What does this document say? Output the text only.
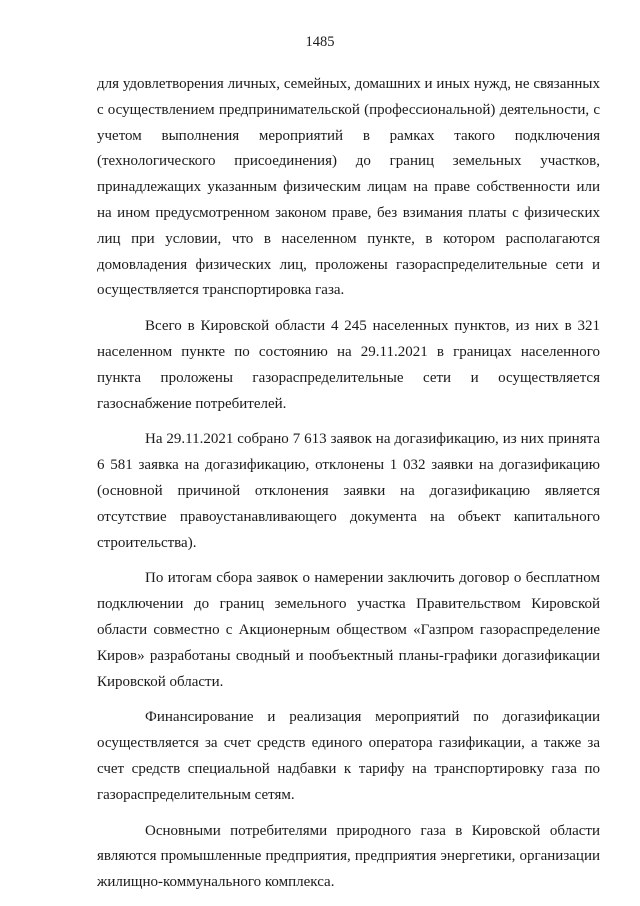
1485

для удовлетворения личных, семейных, домашних и иных нужд, не связанных с осуществлением предпринимательской (профессиональной) деятельности, с учетом выполнения мероприятий в рамках такого подключения (технологического присоединения) до границ земельных участков, принадлежащих указанным физическим лицам на праве собственности или на ином предусмотренном законом праве, без взимания платы с физических лиц при условии, что в населенном пункте, в котором располагаются домовладения физических лиц, проложены газораспределительные сети и осуществляется транспортировка газа.

Всего в Кировской области 4 245 населенных пунктов, из них в 321 населенном пункте по состоянию на 29.11.2021 в границах населенного пункта проложены газораспределительные сети и осуществляется газоснабжение потребителей.

На 29.11.2021 собрано 7 613 заявок на догазификацию, из них принята 6 581 заявка на догазификацию, отклонены 1 032 заявки на догазификацию (основной причиной отклонения заявки на догазификацию является отсутствие правоустанавливающего документа на объект капитального строительства).

По итогам сбора заявок о намерении заключить договор о бесплатном подключении до границ земельного участка Правительством Кировской области совместно с Акционерным обществом «Газпром газораспределение Киров» разработаны сводный и пообъектный планы-графики догазификации Кировской области.

Финансирование и реализация мероприятий по догазификации осуществляется за счет средств единого оператора газификации, а также за счет средств специальной надбавки к тарифу на транспортировку газа по газораспределительным сетям.

Основными потребителями природного газа в Кировской области являются промышленные предприятия, предприятия энергетики, организации жилищно-коммунального комплекса.
